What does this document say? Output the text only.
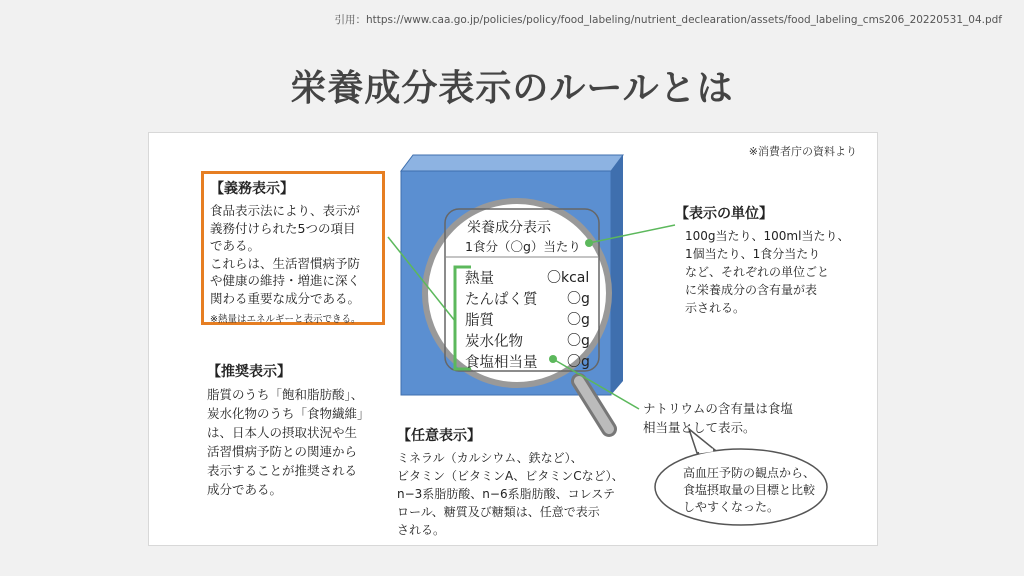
引用：https://www.caa.go.jp/policies/policy/food_labeling/nutrient_declearation/assets/food_labeling_cms206_20220531_04.pdf
栄養成分表示のルールとは
※消費者庁の資料より
【義務表示】
食品表示法により、表示が
義務付けられた5つの項目
である。
これらは、生活習慣病予防
や健康の維持・増進に深く
関わる重要な成分である。
※熱量はエネルギーと表示できる。
【推奨表示】
脂質のうち「飽和脂肪酸」、
炭水化物のうち「食物繊維」
は、日本人の摂取状況や生
活習慣病予防との関連から
表示することが推奨される
成分である。
【任意表示】
ミネラル（カルシウム、鉄など）、
ビタミン（ビタミンA、ビタミンCなど）、
n−3系脂肪酸、n−6系脂肪酸、コレステ
ロール、糖質及び糖類は、任意で表示
される。
【表示の単位】
100g当たり、100ml当たり、
1個当たり、1食分当たり
など、それぞれの単位ごと
に栄養成分の含有量が表
示される。
栄養成分表示
1食分（〇g）当たり
熱量	〇kcal
たんぱく質 〇g
脂質	〇g
炭水化物	〇g
食塩相当量 〇g
ナトリウムの含有量は食塩
相当量として表示。
高血圧予防の観点から、
食塩摂取量の目標と比較
しやすくなった。
